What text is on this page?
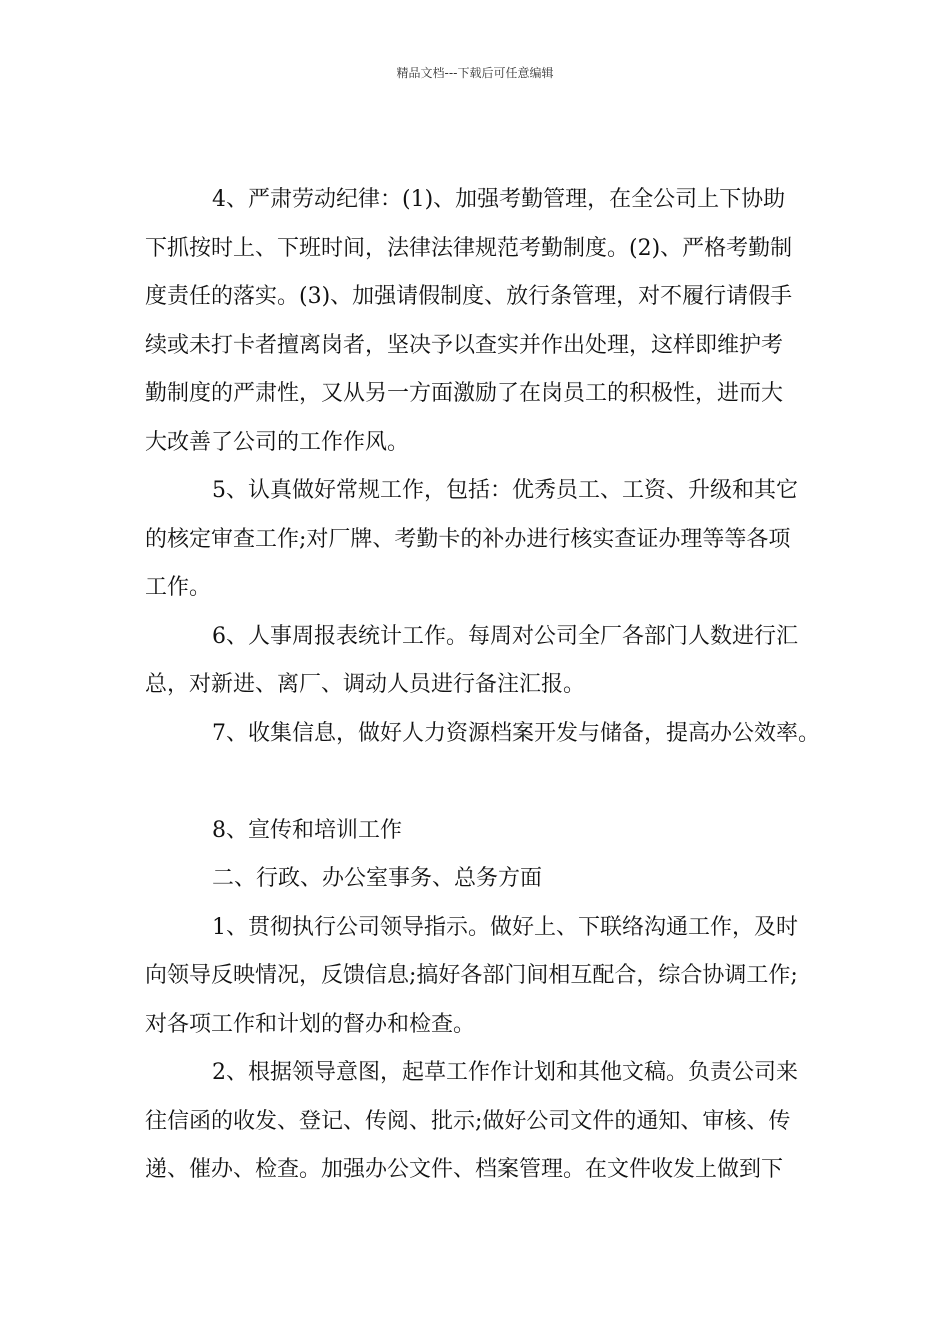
精品文档---下载后可任意编辑

4、严肃劳动纪律：(1)、加强考勤管理，在全公司上下协助
下抓按时上、下班时间，法律法律规范考勤制度。(2)、严格考勤制
度责任的落实。(3)、加强请假制度、放行条管理，对不履行请假手
续或未打卡者擅离岗者，坚决予以查实并作出处理，这样即维护考
勤制度的严肃性，又从另一方面激励了在岗员工的积极性，进而大
大改善了公司的工作作风。

5、认真做好常规工作，包括：优秀员工、工资、升级和其它
的核定审查工作;对厂牌、考勤卡的补办进行核实查证办理等等各项
工作。

6、人事周报表统计工作。每周对公司全厂各部门人数进行汇
总，对新进、离厂、调动人员进行备注汇报。

7、收集信息，做好人力资源档案开发与储备，提高办公效率。

8、宣传和培训工作

二、行政、办公室事务、总务方面

1、贯彻执行公司领导指示。做好上、下联络沟通工作，及时
向领导反映情况，反馈信息;搞好各部门间相互配合，综合协调工作;
对各项工作和计划的督办和检查。

2、根据领导意图，起草工作作计划和其他文稿。负责公司来
往信函的收发、登记、传阅、批示;做好公司文件的通知、审核、传
递、催办、检查。加强办公文件、档案管理。在文件收发上做到下
